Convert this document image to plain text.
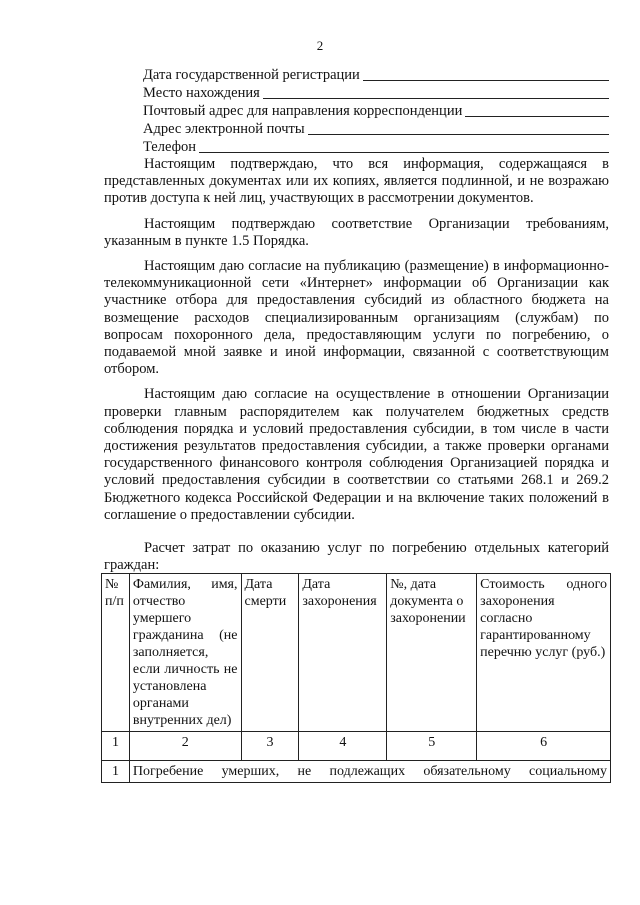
2
Дата государственной регистрации
Место нахождения
Почтовый адрес для направления корреспонденции
Адрес электронной почты
Телефон

Настоящим подтверждаю, что вся информация, содержащаяся в представленных документах или их копиях, является подлинной, и не возражаю против доступа к ней лиц, участвующих в рассмотрении документов.

Настоящим подтверждаю соответствие Организации требованиям, указанным в пункте 1.5 Порядка.

Настоящим даю согласие на публикацию (размещение) в информационно-телекоммуникационной сети «Интернет» информации об Организации как участнике отбора для предоставления субсидий из областного бюджета на возмещение расходов специализированным организациям (службам) по вопросам похоронного дела, предоставляющим услуги по погребению, о подаваемой мной заявке и иной информации, связанной с соответствующим отбором.

Настоящим даю согласие на осуществление в отношении Организации проверки главным распорядителем как получателем бюджетных средств соблюдения порядка и условий предоставления субсидии, в том числе в части достижения результатов предоставления субсидии, а также проверки органами государственного финансового контроля соблюдения Организацией порядка и условий предоставления субсидии в соответствии со статьями 268.1 и 269.2 Бюджетного кодекса Российской Федерации и на включение таких положений в соглашение о предоставлении субсидии.

Расчет затрат по оказанию услуг по погребению отдельных категорий граждан:
№ п/п	Фамилия, имя, отчество умершего гражданина (не заполняется, если личность не установлена органами внутренних дел)	Дата смерти	Дата захоронения	№, дата документа о захоронении	Стоимость одного захоронения согласно гарантированному перечню услуг (руб.)
1	2	3	4	5	6
1	Погребение умерших, не подлежащих обязательному социальному				
